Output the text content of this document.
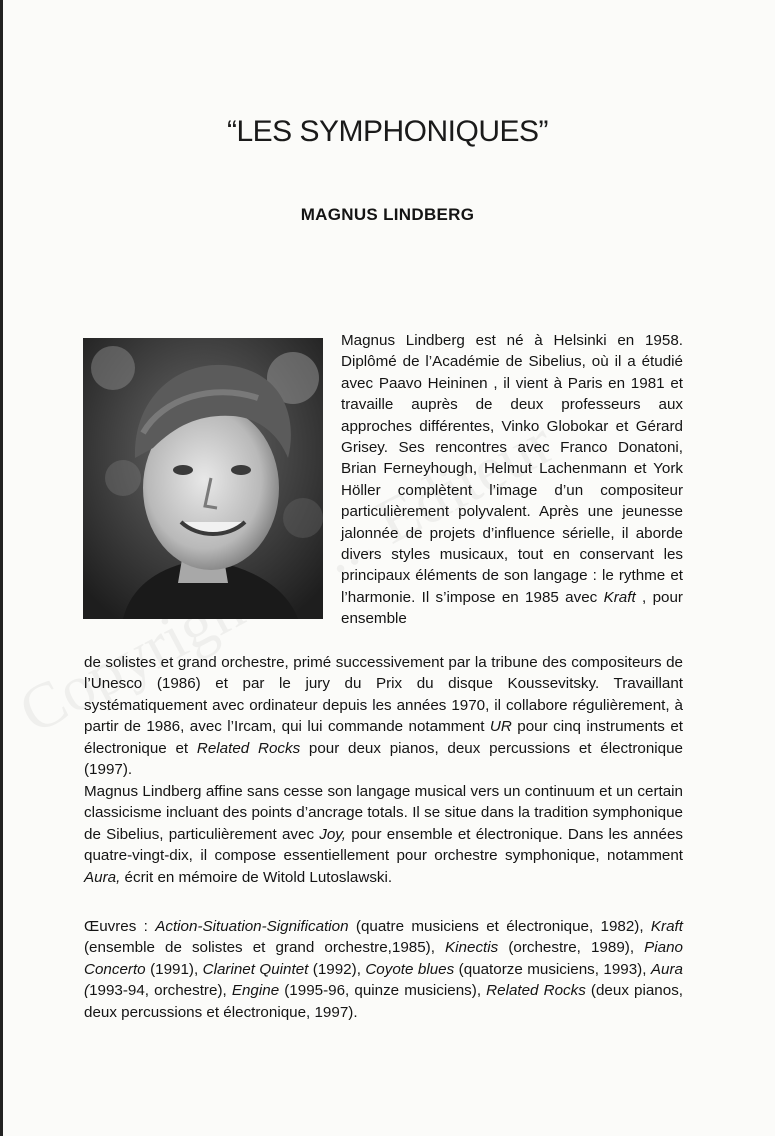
“LES SYMPHONIQUES”
MAGNUS LINDBERG
Magnus Lindberg est né à Helsinki en 1958. Diplômé de l’Académie de Sibelius, où il a étudié avec Paavo Heininen , il vient à Paris en 1981 et travaille auprès de deux professeurs aux approches différentes, Vinko Globokar et Gérard Grisey. Ses rencontres avec Franco Donatoni, Brian Ferneyhough, Helmut Lachenmann et York Höller complètent l’image d’un compositeur particulièrement polyvalent. Après une jeunesse jalonnée de projets d’influence sérielle, il aborde divers styles musicaux, tout en conservant les principaux éléments de son langage : le rythme et l’harmonie. Il s’impose en 1985 avec Kraft , pour ensemble
de solistes et grand orchestre, primé successivement par la tribune des compositeurs de l’Unesco (1986) et par le jury du Prix du disque Koussevitsky. Travaillant systématiquement avec ordinateur depuis les années 1970, il collabore régulièrement, à partir de 1986, avec l’Ircam, qui lui commande notamment UR pour cinq instruments et électronique et Related Rocks pour deux pianos, deux percussions et électronique (1997).
Magnus Lindberg affine sans cesse son langage musical vers un continuum et un certain classicisme incluant des points d’ancrage totals. Il se situe dans la tradition symphonique de Sibelius, particulièrement avec Joy, pour ensemble et électronique. Dans les années quatre-vingt-dix, il compose essentiellement pour orchestre symphonique, notamment Aura, écrit en mémoire de Witold Lutoslawski.
Œuvres : Action-Situation-Signification (quatre musiciens et électronique, 1982), Kraft (ensemble de solistes et grand orchestre,1985), Kinectis (orchestre, 1989), Piano Concerto (1991), Clarinet Quintet (1992), Coyote blues (quatorze musiciens, 1993), Aura (1993-94, orchestre), Engine (1995-96, quinze musiciens), Related Rocks (deux pianos, deux percussions et électronique, 1997).
